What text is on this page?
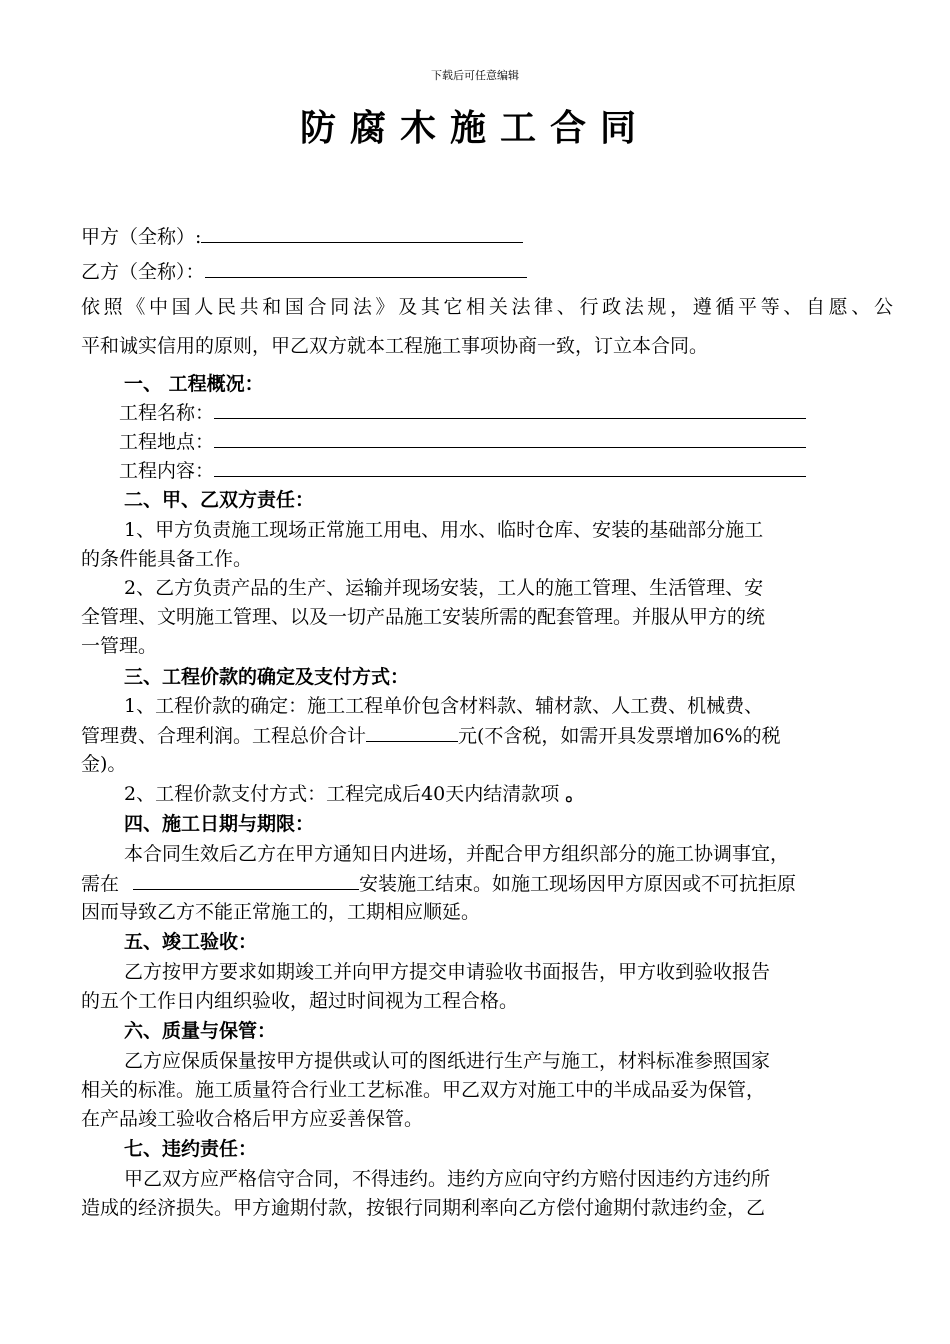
下载后可任意编辑
防腐木施工合同
甲方（全称）:
乙方（全称）：
依照《中国人民共和国合同法》及其它相关法律、行政法规，遵循平等、自愿、公
平和诚实信用的原则，甲乙双方就本工程施工事项协商一致，订立本合同。
一、 工程概况：
工程名称：
工程地点：
工程内容：
二、甲、乙双方责任：
1、甲方负责施工现场正常施工用电、用水、临时仓库、安装的基础部分施工
的条件能具备工作。
2、乙方负责产品的生产、运输并现场安装，工人的施工管理、生活管理、安
全管理、文明施工管理、以及一切产品施工安装所需的配套管理。并服从甲方的统
一管理。
三、工程价款的确定及支付方式：
1、工程价款的确定：施工工程单价包含材料款、辅材款、人工费、机械费、
管理费、合理利润。工程总价合计	元(不含税，如需开具发票增加6%的税
金)。
2、工程价款支付方式：工程完成后40天内结清款项 。
四、施工日期与期限：
本合同生效后乙方在甲方通知日内进场，并配合甲方组织部分的施工协调事宜，
需在	安装施工结束。如施工现场因甲方原因或不可抗拒原
因而导致乙方不能正常施工的，工期相应顺延。
五、竣工验收：
乙方按甲方要求如期竣工并向甲方提交申请验收书面报告，甲方收到验收报告
的五个工作日内组织验收，超过时间视为工程合格。
六、质量与保管：
乙方应保质保量按甲方提供或认可的图纸进行生产与施工，材料标准参照国家
相关的标准。施工质量符合行业工艺标准。甲乙双方对施工中的半成品妥为保管，
在产品竣工验收合格后甲方应妥善保管。
七、违约责任：
甲乙双方应严格信守合同，不得违约。违约方应向守约方赔付因违约方违约所
造成的经济损失。甲方逾期付款，按银行同期利率向乙方偿付逾期付款违约金，乙
